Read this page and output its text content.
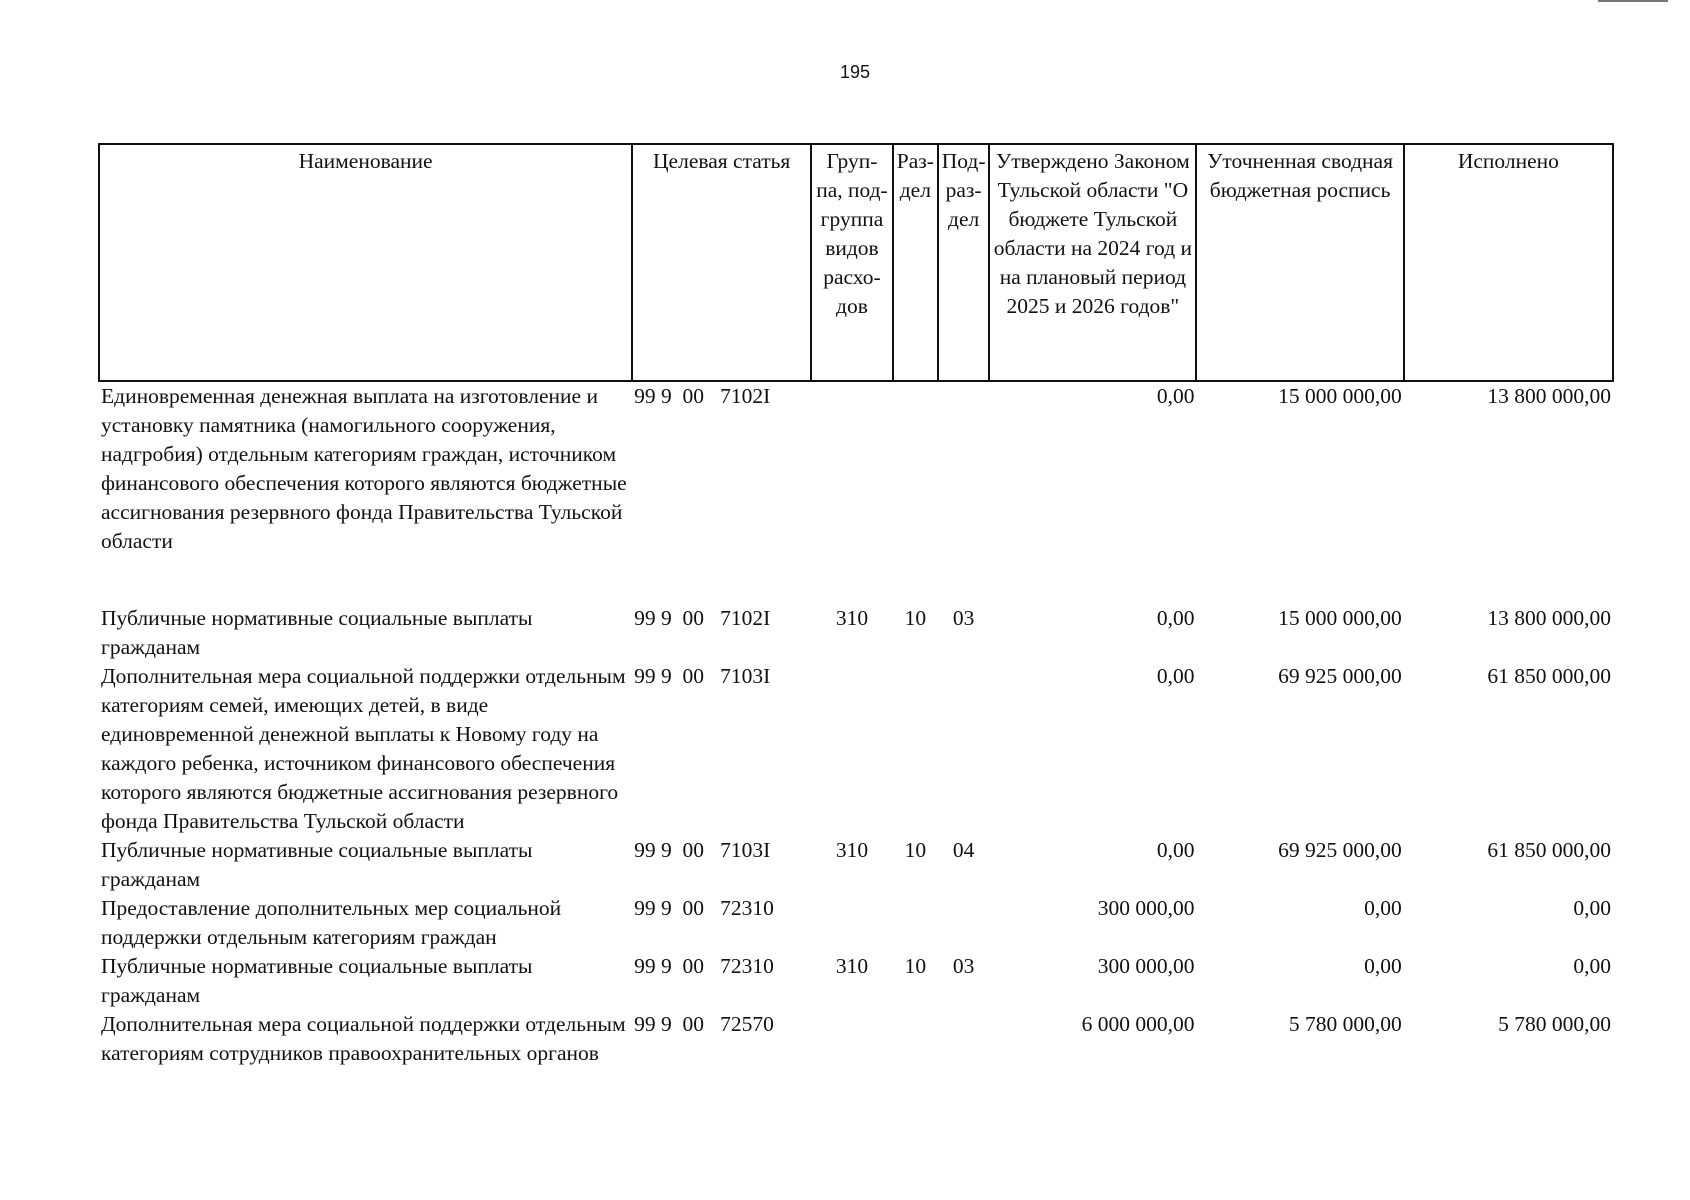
195
Наименование	Целевая статья	Груп-па, под-группа видов расхо-дов	Раз-дел	Под-раз-дел	Утверждено Законом Тульской области "О бюджете Тульской области на 2024 год и на плановый период 2025 и 2026 годов"	Уточненная сводная бюджетная роспись	Исполнено
Единовременная денежная выплата на изготовление и установку памятника (намогильного сооружения, надгробия) отдельным категориям граждан, источником финансового обеспечения которого являются бюджетные ассигнования резервного фонда Правительства Тульской области	99 9  00   7102I				0,00	15 000 000,00	13 800 000,00

Публичные нормативные социальные выплаты гражданам	99 9  00   7102I	310	10	03	0,00	15 000 000,00	13 800 000,00
Дополнительная мера социальной поддержки отдельным категориям семей, имеющих детей, в виде единовременной денежной выплаты к Новому году на каждого ребенка, источником финансового обеспечения которого являются бюджетные ассигнования резервного фонда Правительства Тульской области	99 9  00   7103I				0,00	69 925 000,00	61 850 000,00
Публичные нормативные социальные выплаты гражданам	99 9  00   7103I	310	10	04	0,00	69 925 000,00	61 850 000,00
Предоставление дополнительных мер социальной поддержки отдельным категориям граждан	99 9  00   72310				300 000,00	0,00	0,00
Публичные нормативные социальные выплаты гражданам	99 9  00   72310	310	10	03	300 000,00	0,00	0,00
Дополнительная мера социальной поддержки отдельным категориям сотрудников правоохранительных органов	99 9  00   72570				6 000 000,00	5 780 000,00	5 780 000,00
